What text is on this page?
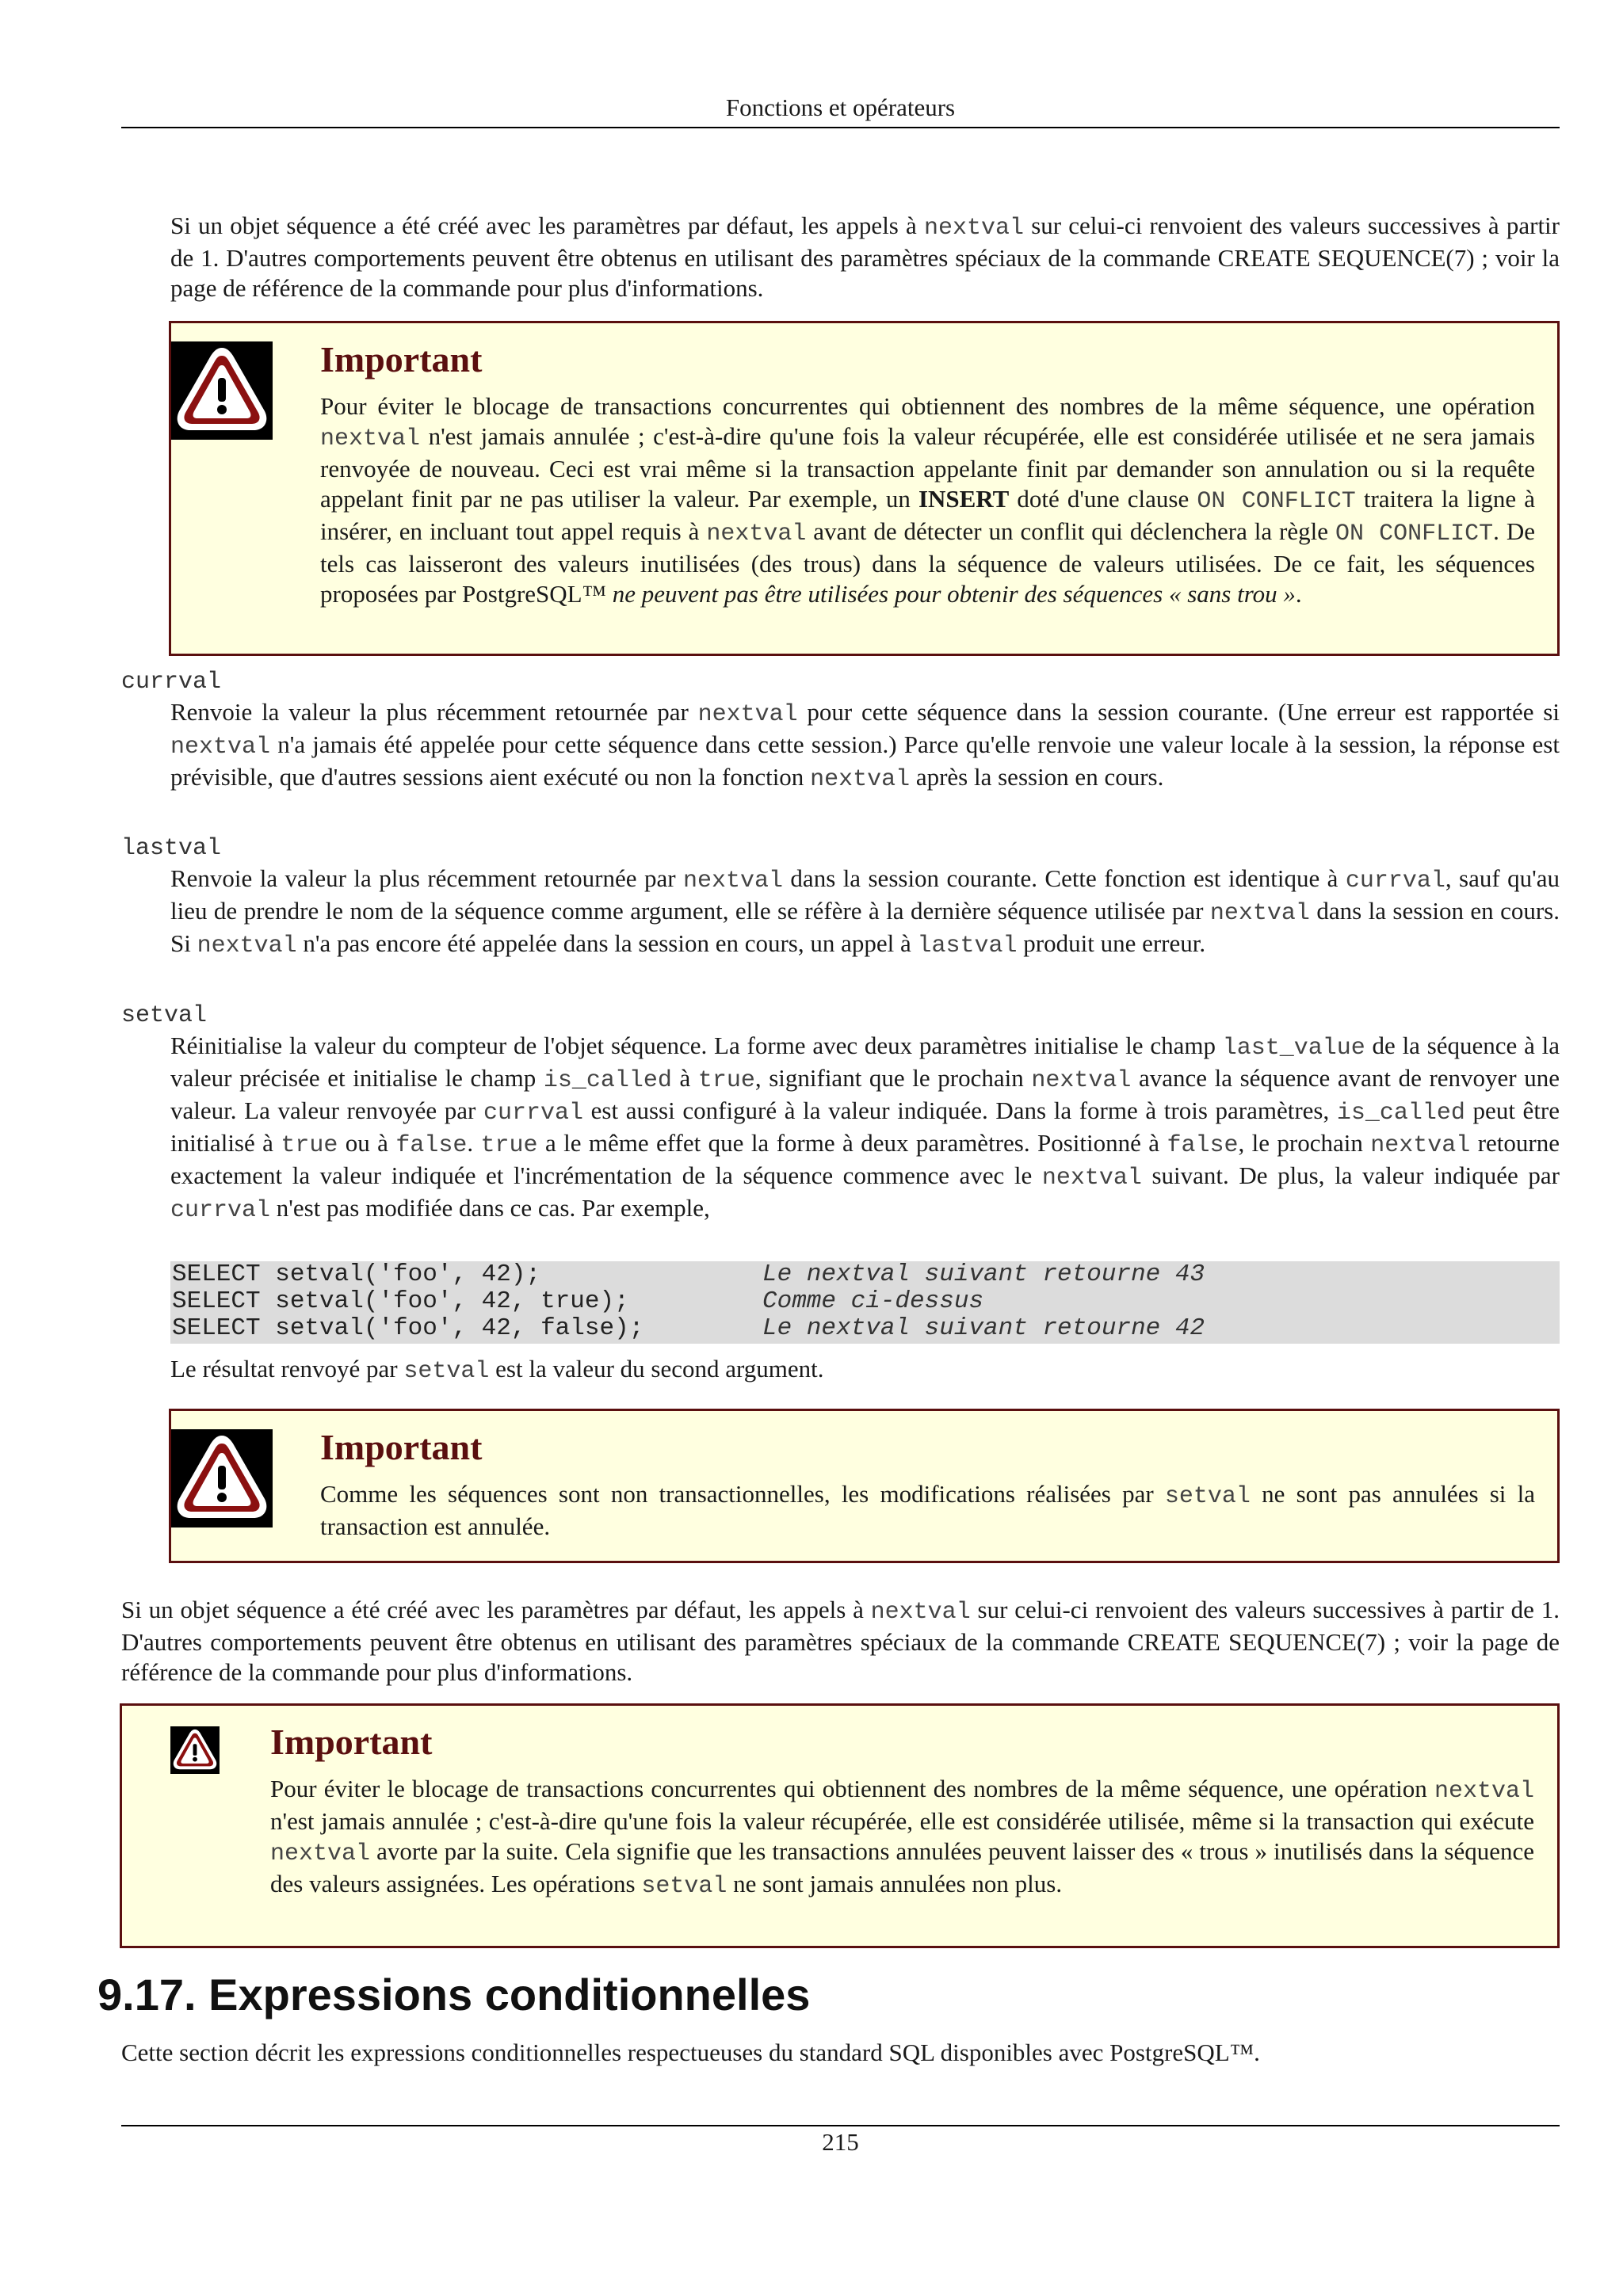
Fonctions et opérateurs

Si un objet séquence a été créé avec les paramètres par défaut, les appels à nextval sur celui-ci renvoient des valeurs successives à partir de 1. D'autres comportements peuvent être obtenus en utilisant des paramètres spéciaux de la commande CREATE SEQUENCE(7) ; voir la page de référence de la commande pour plus d'informations.

Important

Pour éviter le blocage de transactions concurrentes qui obtiennent des nombres de la même séquence, une opération nextval n'est jamais annulée ; c'est-à-dire qu'une fois la valeur récupérée, elle est considérée utilisée et ne sera jamais renvoyée de nouveau. Ceci est vrai même si la transaction appelante finit par demander son annulation ou si la requête appelant finit par ne pas utiliser la valeur. Par exemple, un INSERT doté d'une clause ON CONFLICT traitera la ligne à insérer, en incluant tout appel requis à nextval avant de détecter un conflit qui déclenchera la règle ON CONFLICT. De tels cas laisseront des valeurs inutilisées (des trous) dans la séquence de valeurs utilisées. De ce fait, les séquences proposées par PostgreSQL™ ne peuvent pas être utilisées pour obtenir des séquences « sans trou ».

currval

Renvoie la valeur la plus récemment retournée par nextval pour cette séquence dans la session courante. (Une erreur est rapportée si nextval n'a jamais été appelée pour cette séquence dans cette session.) Parce qu'elle renvoie une valeur locale à la session, la réponse est prévisible, que d'autres sessions aient exécuté ou non la fonction nextval après la session en cours.

lastval

Renvoie la valeur la plus récemment retournée par nextval dans la session courante. Cette fonction est identique à currval, sauf qu'au lieu de prendre le nom de la séquence comme argument, elle se réfère à la dernière séquence utilisée par nextval dans la session en cours. Si nextval n'a pas encore été appelée dans la session en cours, un appel à lastval produit une erreur.

setval

Réinitialise la valeur du compteur de l'objet séquence. La forme avec deux paramètres initialise le champ last_value de la séquence à la valeur précisée et initialise le champ is_called à true, signifiant que le prochain nextval avance la séquence avant de renvoyer une valeur. La valeur renvoyée par currval est aussi configuré à la valeur indiquée. Dans la forme à trois paramètres, is_called peut être initialisé à true ou à false. true a le même effet que la forme à deux paramètres. Positionné à false, le prochain nextval retourne exactement la valeur indiquée et l'incrémentation de la séquence commence avec le nextval suivant. De plus, la valeur indiquée par currval n'est pas modifiée dans ce cas. Par exemple,

SELECT setval('foo', 42);	Le nextval suivant retourne 43
SELECT setval('foo', 42, true);	Comme ci-dessus
SELECT setval('foo', 42, false);	Le nextval suivant retourne 42

Le résultat renvoyé par setval est la valeur du second argument.

Important

Comme les séquences sont non transactionnelles, les modifications réalisées par setval ne sont pas annulées si la transaction est annulée.

Si un objet séquence a été créé avec les paramètres par défaut, les appels à nextval sur celui-ci renvoient des valeurs successives à partir de 1. D'autres comportements peuvent être obtenus en utilisant des paramètres spéciaux de la commande CREATE SEQUENCE(7) ; voir la page de référence de la commande pour plus d'informations.

Important

Pour éviter le blocage de transactions concurrentes qui obtiennent des nombres de la même séquence, une opération nextval n'est jamais annulée ; c'est-à-dire qu'une fois la valeur récupérée, elle est considérée utilisée, même si la transaction qui exécute nextval avorte par la suite. Cela signifie que les transactions annulées peuvent laisser des « trous » inutilisés dans la séquence des valeurs assignées. Les opérations setval ne sont jamais annulées non plus.

9.17. Expressions conditionnelles

Cette section décrit les expressions conditionnelles respectueuses du standard SQL disponibles avec PostgreSQL™.

215
